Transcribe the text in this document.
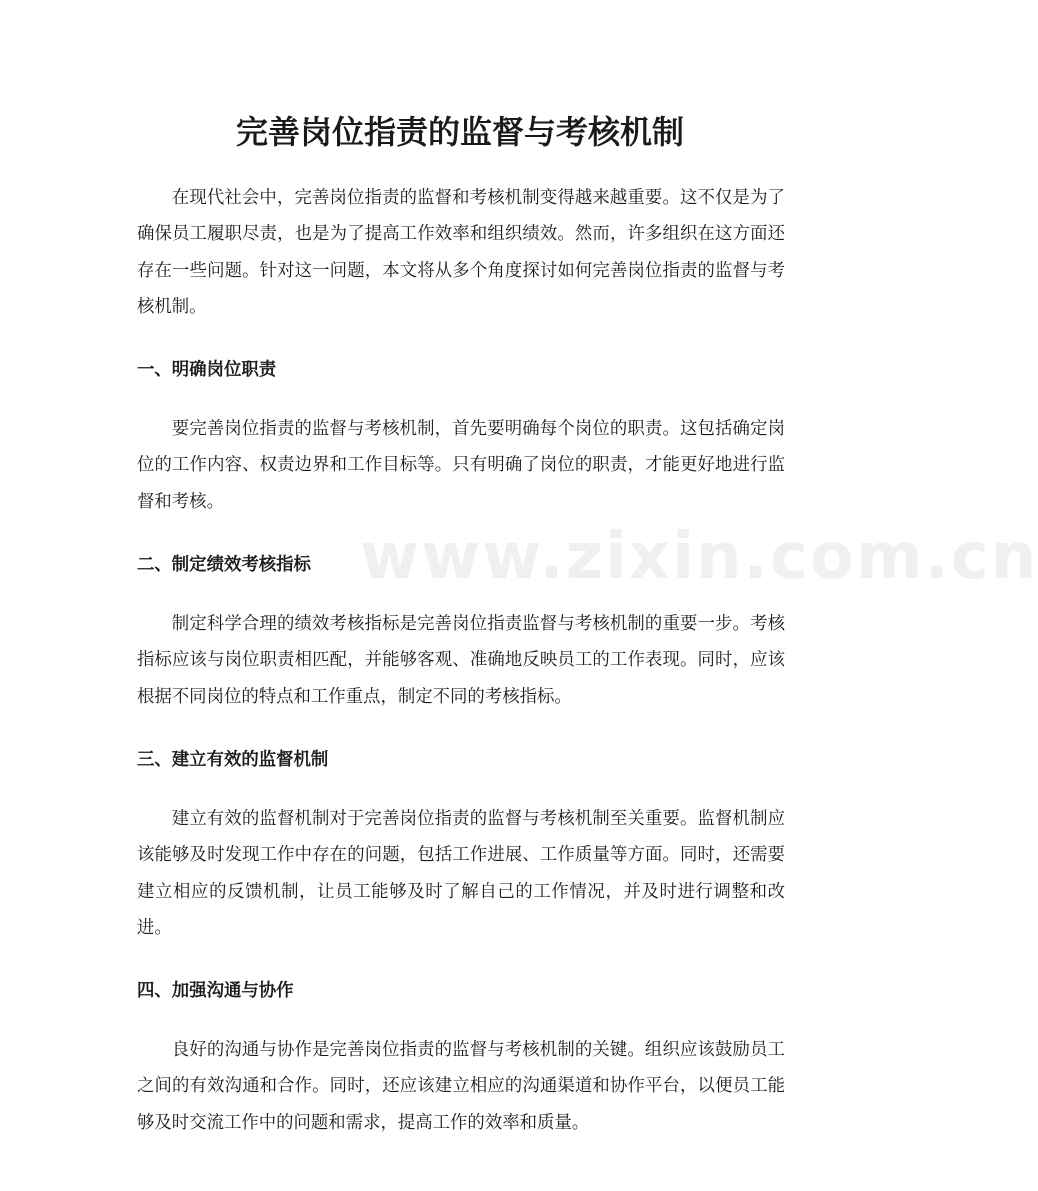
www.zixin.com.cn
完善岗位指责的监督与考核机制

在现代社会中，完善岗位指责的监督和考核机制变得越来越重要。这不仅是为了确保员工履职尽责，也是为了提高工作效率和组织绩效。然而，许多组织在这方面还存在一些问题。针对这一问题，本文将从多个角度探讨如何完善岗位指责的监督与考核机制。

一、明确岗位职责

要完善岗位指责的监督与考核机制，首先要明确每个岗位的职责。这包括确定岗位的工作内容、权责边界和工作目标等。只有明确了岗位的职责，才能更好地进行监督和考核。

二、制定绩效考核指标

制定科学合理的绩效考核指标是完善岗位指责监督与考核机制的重要一步。考核指标应该与岗位职责相匹配，并能够客观、准确地反映员工的工作表现。同时，应该根据不同岗位的特点和工作重点，制定不同的考核指标。

三、建立有效的监督机制

建立有效的监督机制对于完善岗位指责的监督与考核机制至关重要。监督机制应该能够及时发现工作中存在的问题，包括工作进展、工作质量等方面。同时，还需要建立相应的反馈机制，让员工能够及时了解自己的工作情况，并及时进行调整和改进。

四、加强沟通与协作

良好的沟通与协作是完善岗位指责的监督与考核机制的关键。组织应该鼓励员工之间的有效沟通和合作。同时，还应该建立相应的沟通渠道和协作平台，以便员工能够及时交流工作中的问题和需求，提高工作的效率和质量。
